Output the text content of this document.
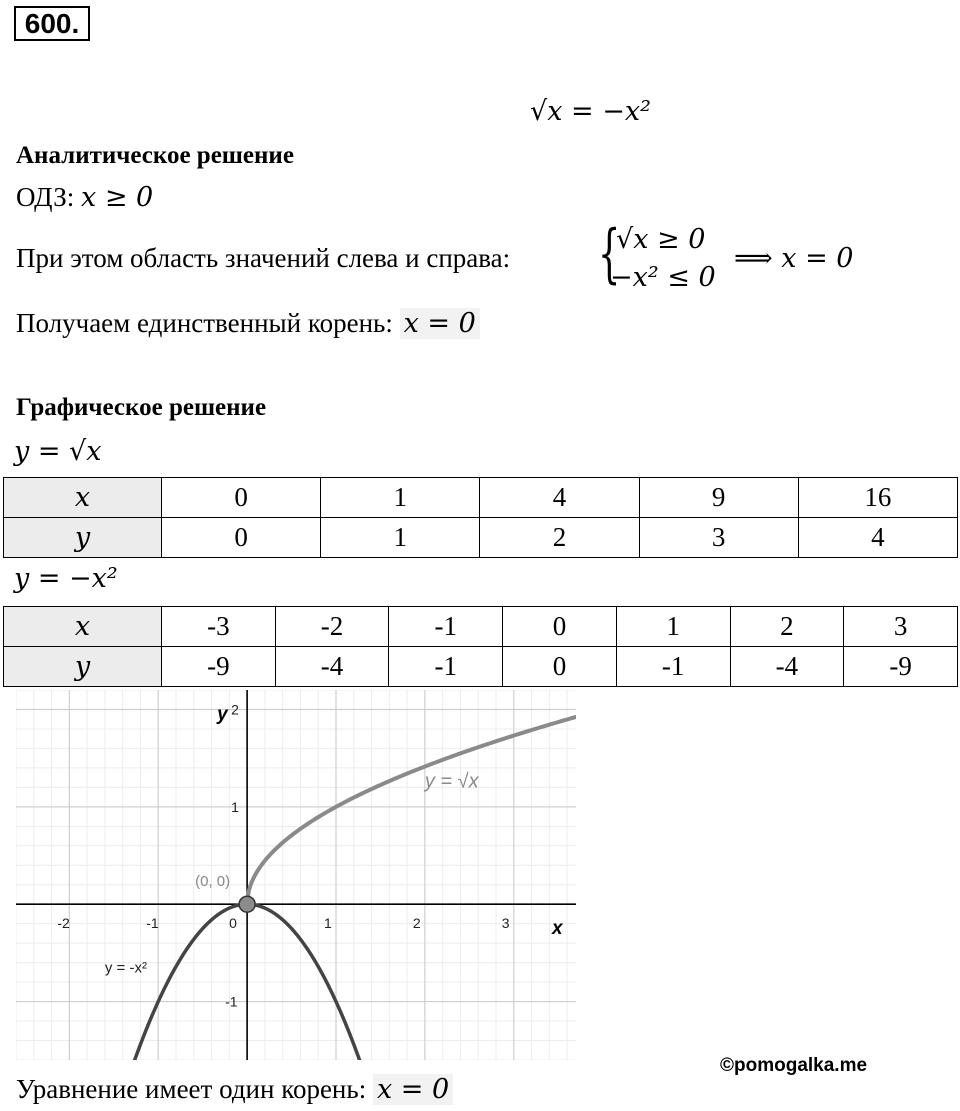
600.
√x = −x²
Аналитическое решение
ОДЗ: x ≥ 0
При этом область значений слева и справа: {
√x ≥ 0
−x² ≤ 0
⟹ x = 0
Получаем единственный корень: x = 0
Графическое решение
y = √x
x	0	1	4	9	16
y	0	1	2	3	4
y = −x²
x	-3	-2	-1	0	1	2	3
y	-9	-4	-1	0	-1	-4	-9
x
y
-2	-1	0	1	2	3
-1
1
2
(0, 0)
y = √x
y = -x²
Уравнение имеет один корень: x = 0
©pomogalka.me
